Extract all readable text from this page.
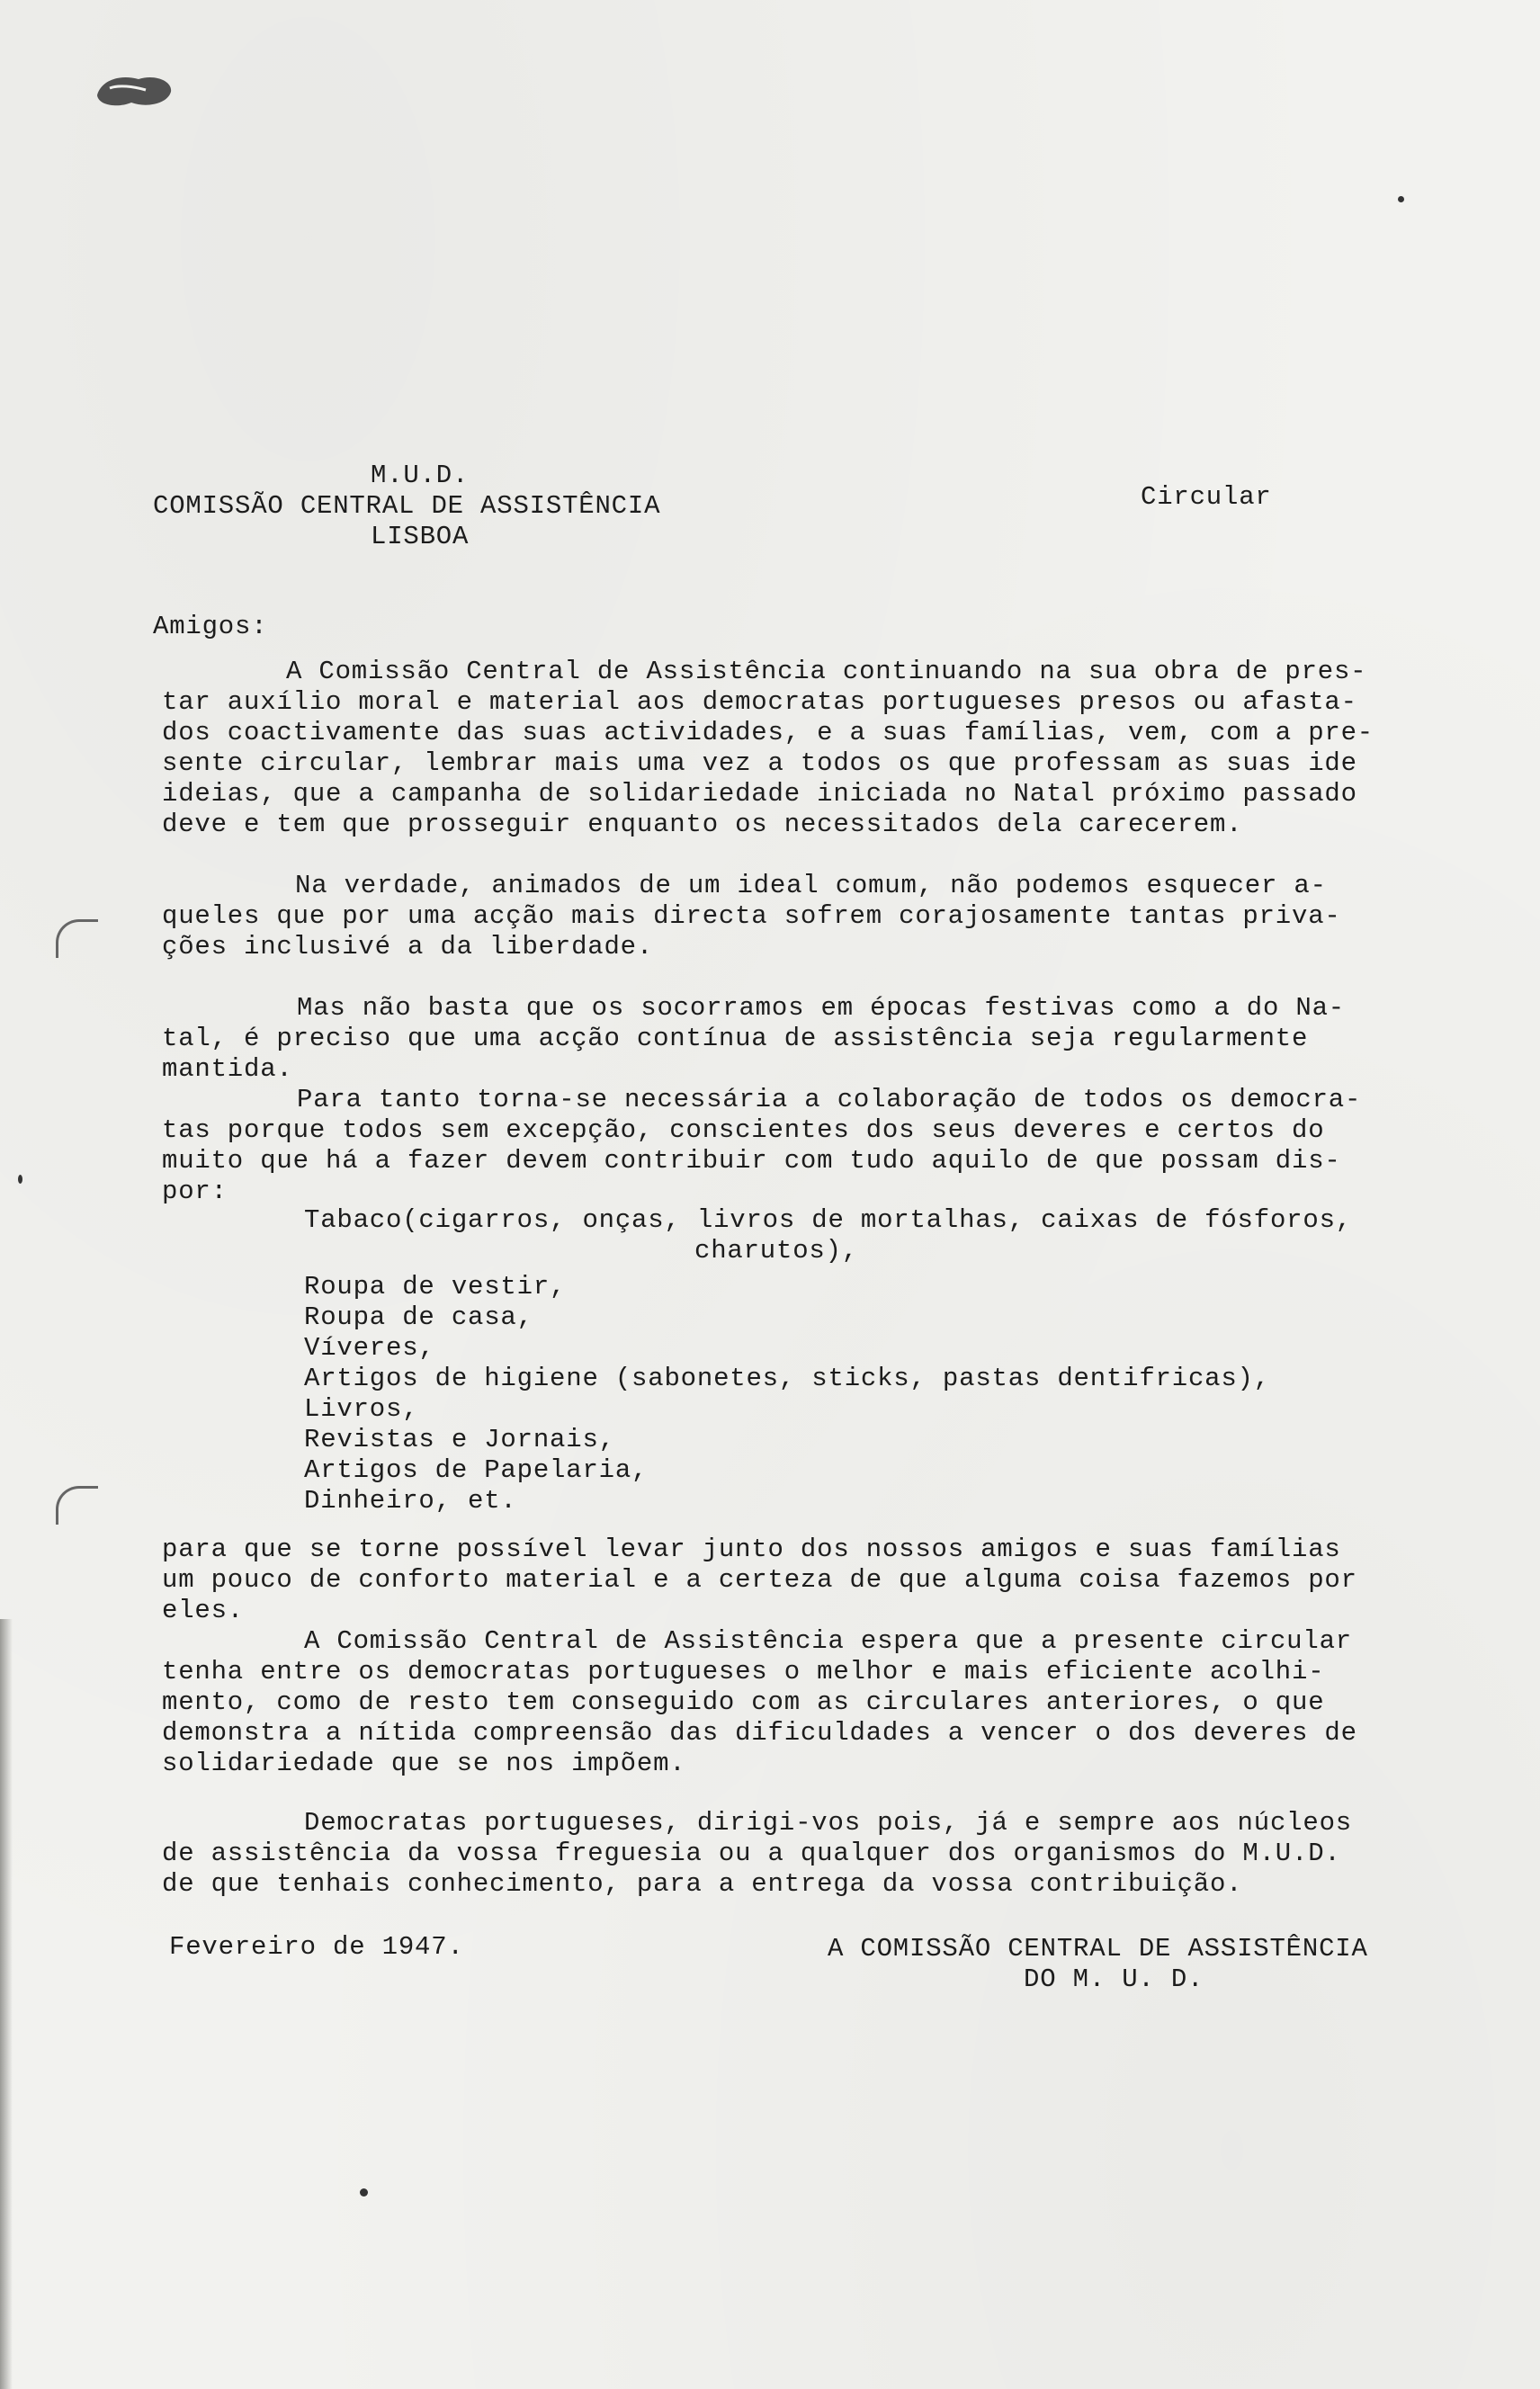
M.U.D.
COMISSÃO CENTRAL DE ASSISTÊNCIA
LISBOA
Circular
Amigos:
A Comissão Central de Assistência continuando na sua obra de pres-
tar auxílio moral e material aos democratas portugueses presos ou afasta-
dos coactivamente das suas actividades, e a suas famílias, vem, com a pre-
sente circular, lembrar mais uma vez a todos os que professam as suas ide
ideias, que a campanha de solidariedade iniciada no Natal próximo passado
deve e tem que prosseguir enquanto os necessitados dela carecerem.
Na verdade, animados de um ideal comum, não podemos esquecer a-
queles que por uma acção mais directa sofrem corajosamente tantas priva-
ções inclusivé a da liberdade.
Mas não basta que os socorramos em épocas festivas como a do Na-
tal, é preciso que uma acção contínua de assistência seja regularmente
mantida.
Para tanto torna-se necessária a colaboração de todos os democra-
tas porque todos sem excepção, conscientes dos seus deveres e certos do
muito que há a fazer devem contribuir com tudo aquilo de que possam dis-
por:
Tabaco(cigarros, onças, livros de mortalhas, caixas de fósforos,
charutos),
Roupa de vestir,
Roupa de casa,
Víveres,
Artigos de higiene (sabonetes, sticks, pastas dentifricas),
Livros,
Revistas e Jornais,
Artigos de Papelaria,
Dinheiro, et.
para que se torne possível levar junto dos nossos amigos e suas famílias
um pouco de conforto material e a certeza de que alguma coisa fazemos por
eles.
A Comissão Central de Assistência espera que a presente circular
tenha entre os democratas portugueses o melhor e mais eficiente acolhi-
mento, como de resto tem conseguido com as circulares anteriores, o que
demonstra a nítida compreensão das dificuldades a vencer o dos deveres de
solidariedade que se nos impõem.
Democratas portugueses, dirigi-vos pois, já e sempre aos núcleos
de assistência da vossa freguesia ou a qualquer dos organismos do M.U.D.
de que tenhais conhecimento, para a entrega da vossa contribuição.
Fevereiro de 1947.	A COMISSÃO CENTRAL DE ASSISTÊNCIA
DO M. U. D.
